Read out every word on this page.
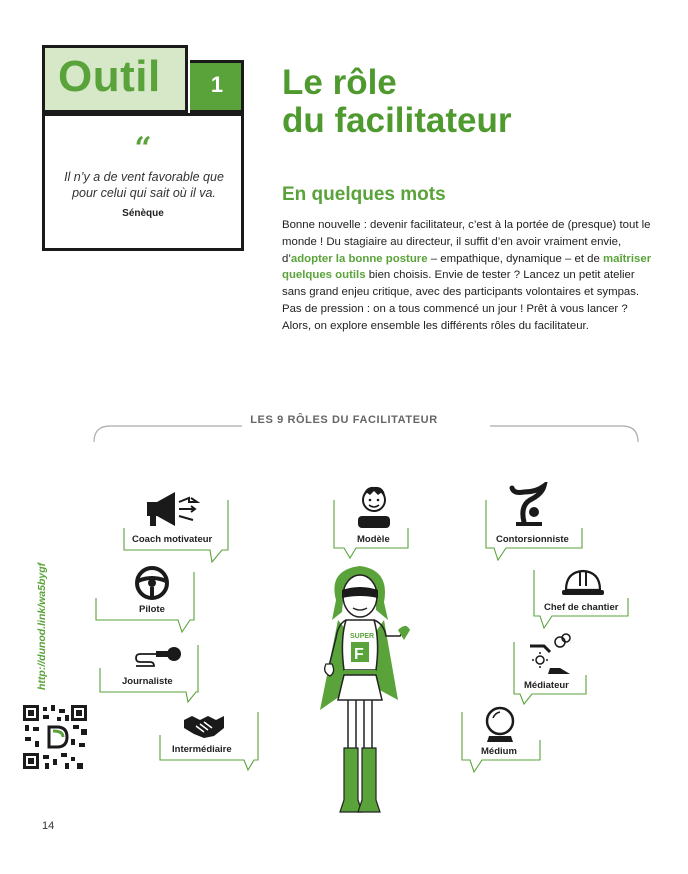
Outil	1
“
Il n’y a de vent favorable que pour celui qui sait où il va.
Sénèque
Le rôle
du facilitateur
En quelques mots
Bonne nouvelle : devenir facilitateur, c’est à la portée de (presque) tout le monde ! Du stagiaire au directeur, il suffit d’en avoir vraiment envie, d’adopter la bonne posture – empathique, dynamique – et de maîtriser quelques outils bien choisis. Envie de tester ? Lancez un petit atelier sans grand enjeu critique, avec des participants volontaires et sympas. Pas de pression : on a tous commencé un jour ! Prêt à vous lancer ? Alors, on explore ensemble les différents rôles du facilitateur.
LES 9 RÔLES DU FACILITATEUR
Coach motivateur
Pilote
Journaliste
Intermédiaire
Modèle	Contorsionniste
Chef de chantier
Médiateur
Médium
SUPER
F
http://dunod.link/wa5bygf
14
